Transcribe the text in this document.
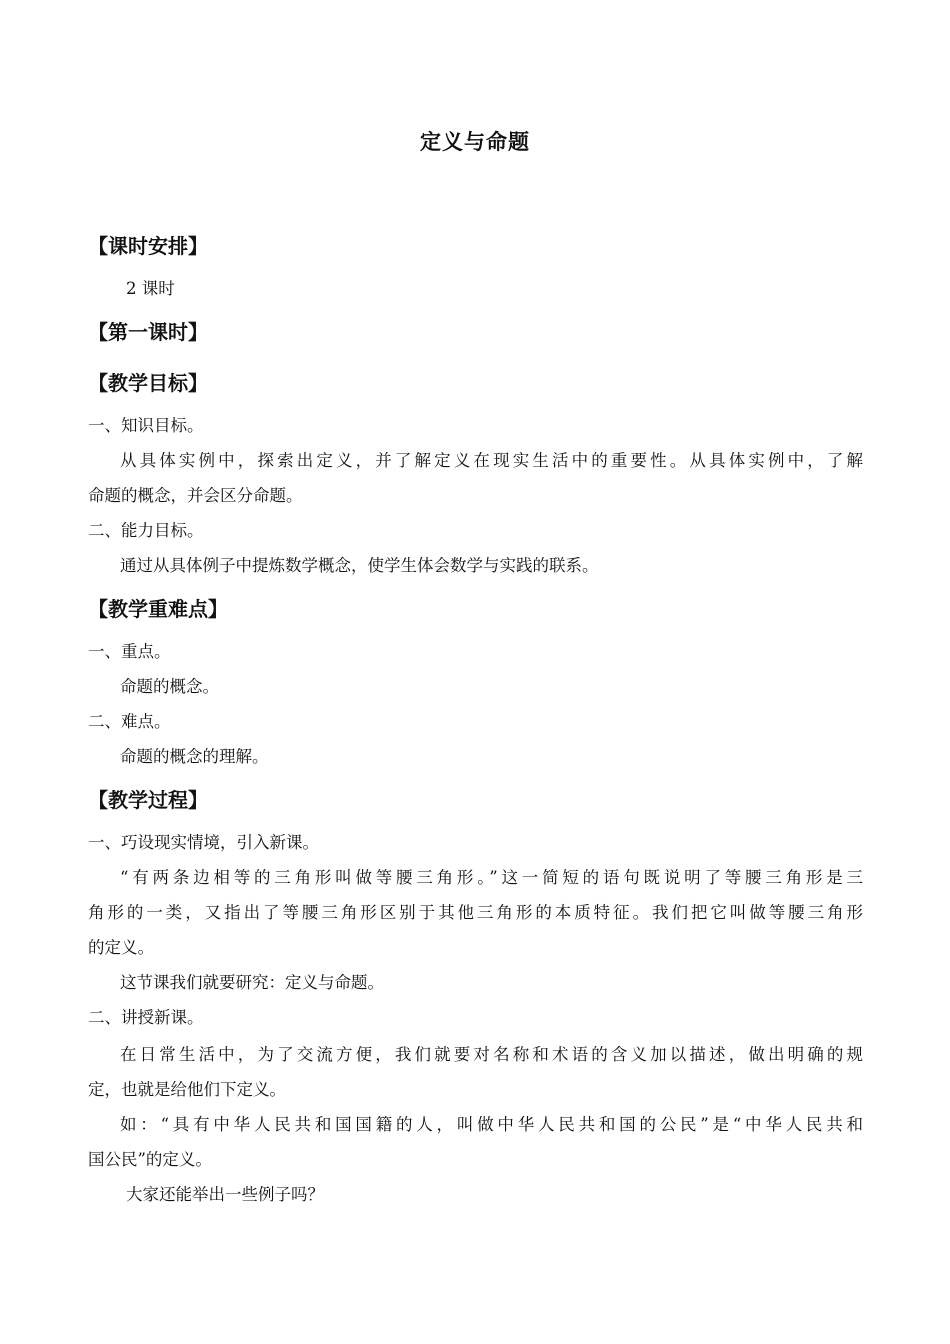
定义与命题
【课时安排】
2 课时
【第一课时】
【教学目标】
一、知识目标。
从具体实例中，探索出定义，并了解定义在现实生活中的重要性。从具体实例中，了解
命题的概念，并会区分命题。
二、能力目标。
通过从具体例子中提炼数学概念，使学生体会数学与实践的联系。
【教学重难点】
一、重点。
命题的概念。
二、难点。
命题的概念的理解。
【教学过程】
一、巧设现实情境，引入新课。
“有两条边相等的三角形叫做等腰三角形。”这一简短的语句既说明了等腰三角形是三
角形的一类，又指出了等腰三角形区别于其他三角形的本质特征。我们把它叫做等腰三角形
的定义。
这节课我们就要研究：定义与命题。
二、讲授新课。
在日常生活中，为了交流方便，我们就要对名称和术语的含义加以描述，做出明确的规
定，也就是给他们下定义。
如：“具有中华人民共和国国籍的人，叫做中华人民共和国的公民”是“中华人民共和
国公民”的定义。
大家还能举出一些例子吗？
